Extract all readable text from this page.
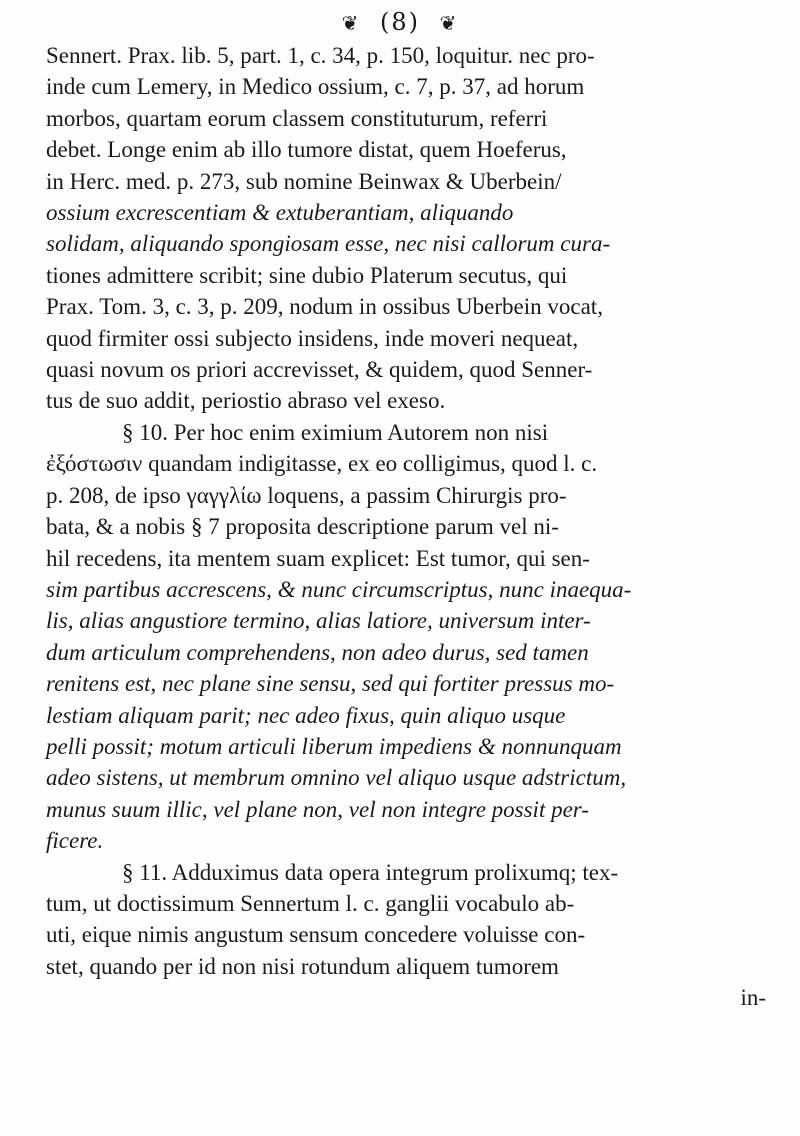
❦ (8) ❦
Sennert. Prax. lib. 5, part. 1, c. 34, p. 150, loquitur. nec pro-
inde cum Lemery, in Medico ossium, c. 7, p. 37, ad horum
morbos, quartam eorum classem constituturum, referri
debet. Longe enim ab illo tumore distat, quem Hoeferus,
in Herc. med. p. 273, sub nomine Beinwax & Uberbein/
ossium excrescentiam & extuberantiam, aliquando
solidam, aliquando spongiosam esse, nec nisi callorum cura-
tiones admittere scribit; sine dubio Platerum secutus, qui
Prax. Tom. 3, c. 3, p. 209, nodum in ossibus Uberbein vocat,
quod firmiter ossi subjecto insidens, inde moveri nequeat,
quasi novum os priori accrevisset, & quidem, quod Senner-
tus de suo addit, periostio abraso vel exeso.
§ 10. Per hoc enim eximium Autorem non nisi
ἐξόστωσιν quandam indigitasse, ex eo colligimus, quod l. c.
p. 208, de ipso γαγγλίω loquens, a passim Chirurgis pro-
bata, & a nobis § 7 proposita descriptione parum vel ni-
hil recedens, ita mentem suam explicet: Est tumor, qui sen-
sim partibus accrescens, & nunc circumscriptus, nunc inaequa-
lis, alias angustiore termino, alias latiore, universum inter-
dum articulum comprehendens, non adeo durus, sed tamen
renitens est, nec plane sine sensu, sed qui fortiter pressus mo-
lestiam aliquam parit; nec adeo fixus, quin aliquo usque
pelli possit; motum articuli liberum impediens & nonnunquam
adeo sistens, ut membrum omnino vel aliquo usque adstrictum,
munus suum illic, vel plane non, vel non integre possit per-
ficere.
§ 11. Adduximus data opera integrum prolixumq; tex-
tum, ut doctissimum Sennertum l. c. ganglii vocabulo ab-
uti, eique nimis angustum sensum concedere voluisse con-
stet, quando per id non nisi rotundum aliquem tumorem
in-
